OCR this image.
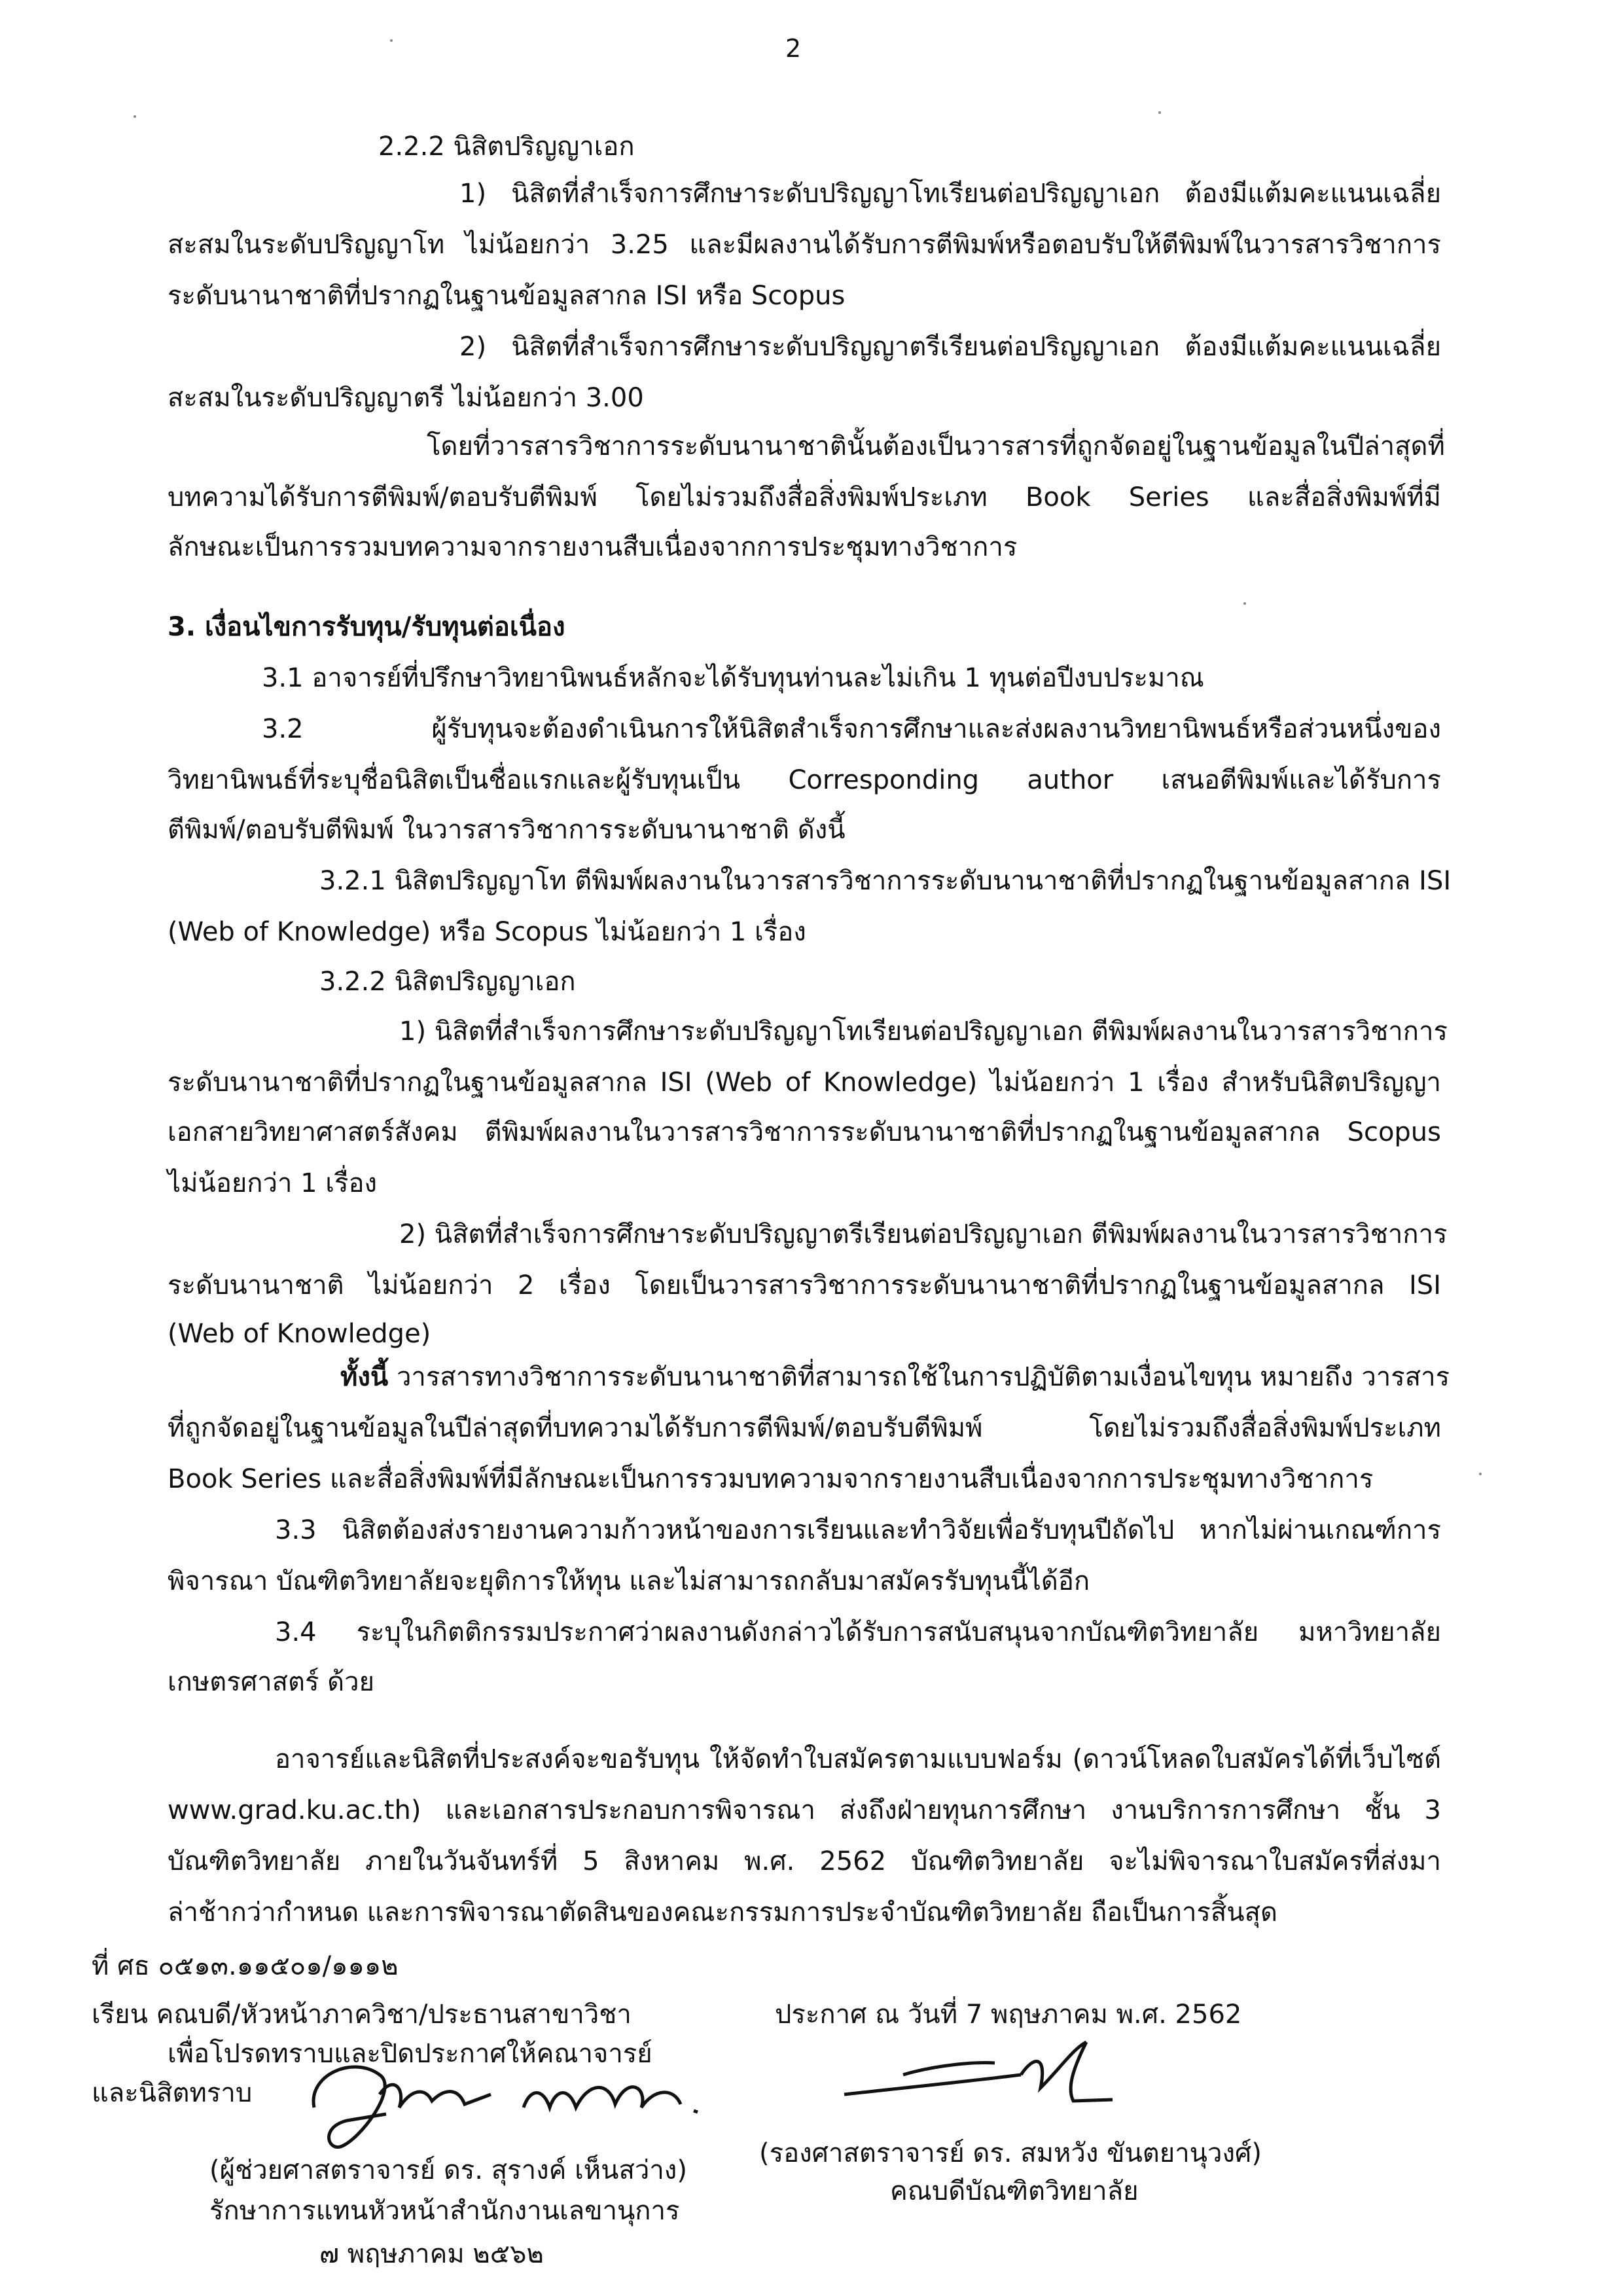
2
2.2.2 นิสิตปริญญาเอก
1) นิสิตที่สำเร็จการศึกษาระดับปริญญาโทเรียนต่อปริญญาเอก ต้องมีแต้มคะแนนเฉลี่ย
สะสมในระดับปริญญาโท ไม่น้อยกว่า 3.25 และมีผลงานได้รับการตีพิมพ์หรือตอบรับให้ตีพิมพ์ในวารสารวิชาการ
ระดับนานาชาติที่ปรากฏในฐานข้อมูลสากล ISI หรือ Scopus
2) นิสิตที่สำเร็จการศึกษาระดับปริญญาตรีเรียนต่อปริญญาเอก ต้องมีแต้มคะแนนเฉลี่ย
สะสมในระดับปริญญาตรี ไม่น้อยกว่า 3.00
โดยที่วารสารวิชาการระดับนานาชาตินั้นต้องเป็นวารสารที่ถูกจัดอยู่ในฐานข้อมูลในปีล่าสุดที่
บทความได้รับการตีพิมพ์/ตอบรับตีพิมพ์ โดยไม่รวมถึงสื่อสิ่งพิมพ์ประเภท Book Series และสื่อสิ่งพิมพ์ที่มี
ลักษณะเป็นการรวมบทความจากรายงานสืบเนื่องจากการประชุมทางวิชาการ
3. เงื่อนไขการรับทุน/รับทุนต่อเนื่อง
3.1 อาจารย์ที่ปรึกษาวิทยานิพนธ์หลักจะได้รับทุนท่านละไม่เกิน 1 ทุนต่อปีงบประมาณ
3.2 ผู้รับทุนจะต้องดำเนินการให้นิสิตสำเร็จการศึกษาและส่งผลงานวิทยานิพนธ์หรือส่วนหนึ่งของ
วิทยานิพนธ์ที่ระบุชื่อนิสิตเป็นชื่อแรกและผู้รับทุนเป็น Corresponding author เสนอตีพิมพ์และได้รับการ
ตีพิมพ์/ตอบรับตีพิมพ์ ในวารสารวิชาการระดับนานาชาติ ดังนี้
3.2.1 นิสิตปริญญาโท ตีพิมพ์ผลงานในวารสารวิชาการระดับนานาชาติที่ปรากฏในฐานข้อมูลสากล ISI
(Web of Knowledge) หรือ Scopus ไม่น้อยกว่า 1 เรื่อง
3.2.2 นิสิตปริญญาเอก
1) นิสิตที่สำเร็จการศึกษาระดับปริญญาโทเรียนต่อปริญญาเอก ตีพิมพ์ผลงานในวารสารวิชาการ
ระดับนานาชาติที่ปรากฏในฐานข้อมูลสากล ISI (Web of Knowledge) ไม่น้อยกว่า 1 เรื่อง สำหรับนิสิตปริญญา
เอกสายวิทยาศาสตร์สังคม ตีพิมพ์ผลงานในวารสารวิชาการระดับนานาชาติที่ปรากฏในฐานข้อมูลสากล Scopus
ไม่น้อยกว่า 1 เรื่อง
2) นิสิตที่สำเร็จการศึกษาระดับปริญญาตรีเรียนต่อปริญญาเอก ตีพิมพ์ผลงานในวารสารวิชาการ
ระดับนานาชาติ ไม่น้อยกว่า 2 เรื่อง โดยเป็นวารสารวิชาการระดับนานาชาติที่ปรากฏในฐานข้อมูลสากล ISI
(Web of Knowledge)
ทั้งนี้ วารสารทางวิชาการระดับนานาชาติที่สามารถใช้ในการปฏิบัติตามเงื่อนไขทุน หมายถึง วารสาร
ที่ถูกจัดอยู่ในฐานข้อมูลในปีล่าสุดที่บทความได้รับการตีพิมพ์/ตอบรับตีพิมพ์ โดยไม่รวมถึงสื่อสิ่งพิมพ์ประเภท
Book Series และสื่อสิ่งพิมพ์ที่มีลักษณะเป็นการรวมบทความจากรายงานสืบเนื่องจากการประชุมทางวิชาการ
3.3 นิสิตต้องส่งรายงานความก้าวหน้าของการเรียนและทำวิจัยเพื่อรับทุนปีถัดไป หากไม่ผ่านเกณฑ์การ
พิจารณา บัณฑิตวิทยาลัยจะยุติการให้ทุน และไม่สามารถกลับมาสมัครรับทุนนี้ได้อีก
3.4 ระบุในกิตติกรรมประกาศว่าผลงานดังกล่าวได้รับการสนับสนุนจากบัณฑิตวิทยาลัย มหาวิทยาลัย
เกษตรศาสตร์ ด้วย
อาจารย์และนิสิตที่ประสงค์จะขอรับทุน ให้จัดทำใบสมัครตามแบบฟอร์ม (ดาวน์โหลดใบสมัครได้ที่เว็บไซต์
www.grad.ku.ac.th) และเอกสารประกอบการพิจารณา ส่งถึงฝ่ายทุนการศึกษา งานบริการการศึกษา ชั้น 3
บัณฑิตวิทยาลัย ภายในวันจันทร์ที่ 5 สิงหาคม พ.ศ. 2562 บัณฑิตวิทยาลัย จะไม่พิจารณาใบสมัครที่ส่งมา
ล่าช้ากว่ากำหนด และการพิจารณาตัดสินของคณะกรรมการประจำบัณฑิตวิทยาลัย ถือเป็นการสิ้นสุด
ที่ ศธ ๐๕๑๓.๑๑๕๐๑/๑๑๑๒
เรียน คณบดี/หัวหน้าภาควิชา/ประธานสาขาวิชา
เพื่อโปรดทราบและปิดประกาศให้คณาจารย์
และนิสิตทราบ
(ผู้ช่วยศาสตราจารย์ ดร. สุรางค์ เห็นสว่าง)
รักษาการแทนหัวหน้าสำนักงานเลขานุการ
๗ พฤษภาคม ๒๕๖๒
ประกาศ ณ วันที่ 7 พฤษภาคม พ.ศ. 2562
(รองศาสตราจารย์ ดร. สมหวัง ขันตยานุวงศ์)
คณบดีบัณฑิตวิทยาลัย
